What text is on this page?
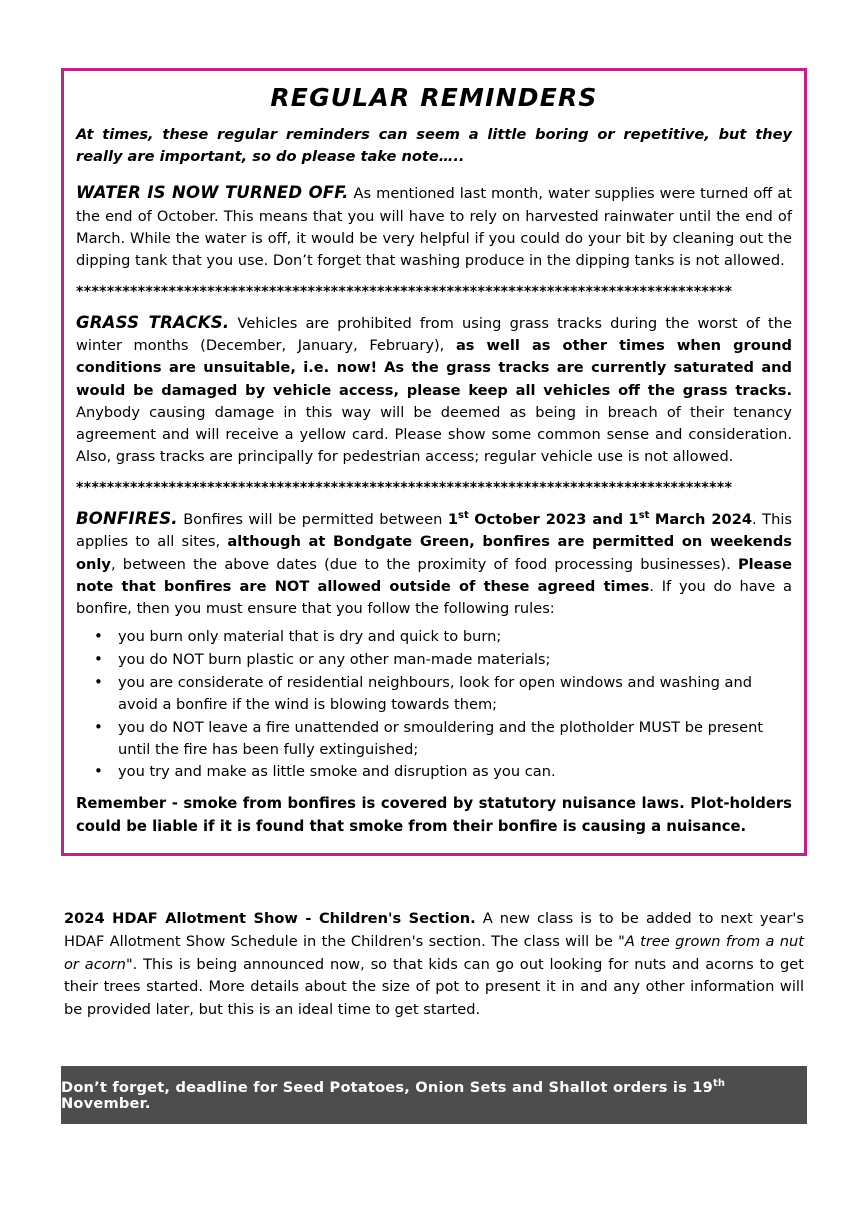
REGULAR REMINDERS

At times, these regular reminders can seem a little boring or repetitive, but they really are important, so do please take note…..

WATER IS NOW TURNED OFF. As mentioned last month, water supplies were turned off at the end of October. This means that you will have to rely on harvested rainwater until the end of March. While the water is off, it would be very helpful if you could do your bit by cleaning out the dipping tank that you use. Don’t forget that washing produce in the dipping tanks is not allowed.

*************************************************************************************

GRASS TRACKS. Vehicles are prohibited from using grass tracks during the worst of the winter months (December, January, February), as well as other times when ground conditions are unsuitable, i.e. now! As the grass tracks are currently saturated and would be damaged by vehicle access, please keep all vehicles off the grass tracks. Anybody causing damage in this way will be deemed as being in breach of their tenancy agreement and will receive a yellow card. Please show some common sense and consideration. Also, grass tracks are principally for pedestrian access; regular vehicle use is not allowed.

*************************************************************************************

BONFIRES. Bonfires will be permitted between 1st October 2023 and 1st March 2024. This applies to all sites, although at Bondgate Green, bonfires are permitted on weekends only, between the above dates (due to the proximity of food processing businesses). Please note that bonfires are NOT allowed outside of these agreed times. If you do have a bonfire, then you must ensure that you follow the following rules:

• you burn only material that is dry and quick to burn;
• you do NOT burn plastic or any other man-made materials;
• you are considerate of residential neighbours, look for open windows and washing and avoid a bonfire if the wind is blowing towards them;
• you do NOT leave a fire unattended or smouldering and the plotholder MUST be present until the fire has been fully extinguished;
• you try and make as little smoke and disruption as you can.

Remember - smoke from bonfires is covered by statutory nuisance laws. Plot-holders could be liable if it is found that smoke from their bonfire is causing a nuisance.

2024 HDAF Allotment Show - Children's Section. A new class is to be added to next year's HDAF Allotment Show Schedule in the Children's section. The class will be "A tree grown from a nut or acorn". This is being announced now, so that kids can go out looking for nuts and acorns to get their trees started. More details about the size of pot to present it in and any other information will be provided later, but this is an ideal time to get started.
Don’t forget, deadline for Seed Potatoes, Onion Sets and Shallot orders is 19th November.
